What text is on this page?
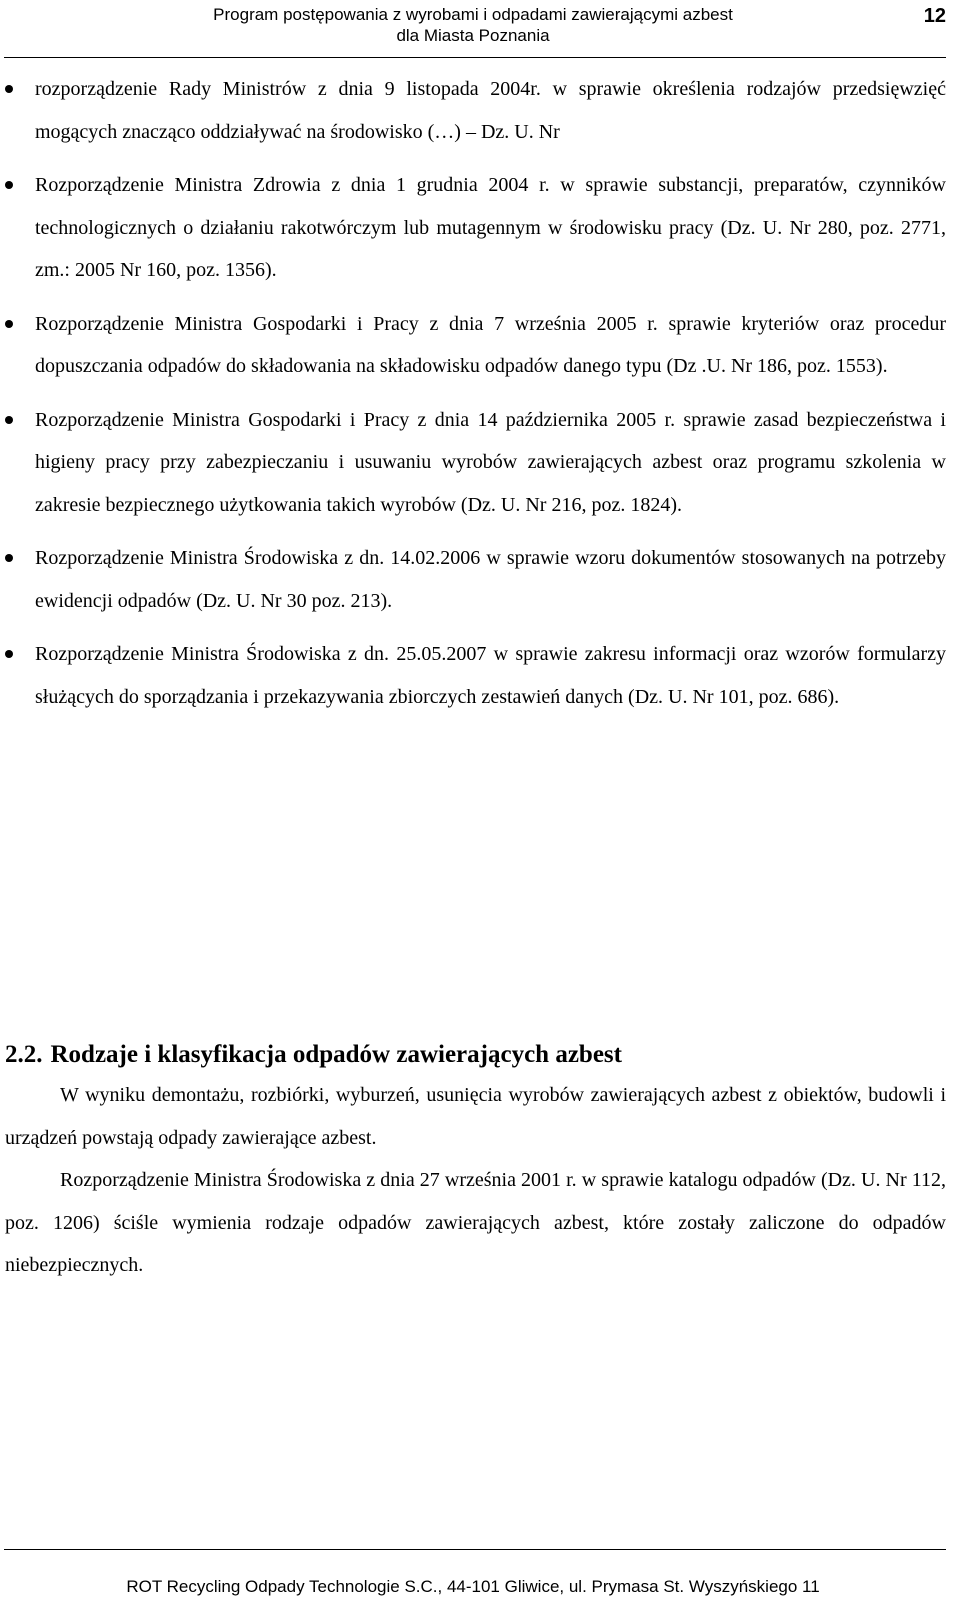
Program postępowania z wyrobami i odpadami zawierającymi azbest
dla Miasta Poznania
12
rozporządzenie Rady Ministrów z dnia 9 listopada 2004r. w sprawie określenia rodzajów przedsięwzięć mogących znacząco oddziaływać na środowisko (…) – Dz. U. Nr
Rozporządzenie Ministra Zdrowia z dnia 1 grudnia 2004 r. w sprawie substancji, preparatów, czynników technologicznych o działaniu rakotwórczym lub mutagennym w środowisku pracy (Dz. U. Nr 280, poz. 2771, zm.: 2005 Nr 160, poz. 1356).
Rozporządzenie Ministra Gospodarki i Pracy z dnia 7 września 2005 r. sprawie kryteriów oraz procedur dopuszczania odpadów do składowania na składowisku odpadów danego typu (Dz .U. Nr 186, poz. 1553).
Rozporządzenie Ministra Gospodarki i Pracy z dnia 14 października 2005 r. sprawie zasad bezpieczeństwa i higieny pracy przy zabezpieczaniu i usuwaniu wyrobów zawierających azbest oraz programu szkolenia w zakresie bezpiecznego użytkowania takich wyrobów (Dz. U. Nr 216, poz. 1824).
Rozporządzenie Ministra Środowiska z dn. 14.02.2006 w sprawie wzoru dokumentów stosowanych na potrzeby ewidencji odpadów (Dz. U. Nr 30 poz. 213).
Rozporządzenie Ministra Środowiska z dn. 25.05.2007 w sprawie zakresu informacji oraz wzorów formularzy służących do sporządzania i przekazywania zbiorczych zestawień danych (Dz. U. Nr 101, poz. 686).
2.2. Rodzaje i klasyfikacja odpadów zawierających azbest

W wyniku demontażu, rozbiórki, wyburzeń, usunięcia wyrobów zawierających azbest z obiektów, budowli i urządzeń powstają odpady zawierające azbest.

Rozporządzenie Ministra Środowiska z dnia 27 września 2001 r. w sprawie katalogu odpadów (Dz. U. Nr 112, poz. 1206) ściśle wymienia rodzaje odpadów zawierających azbest, które zostały zaliczone do odpadów niebezpiecznych.

ROT Recycling Odpady Technologie S.C., 44-101 Gliwice, ul. Prymasa St. Wyszyńskiego 11
